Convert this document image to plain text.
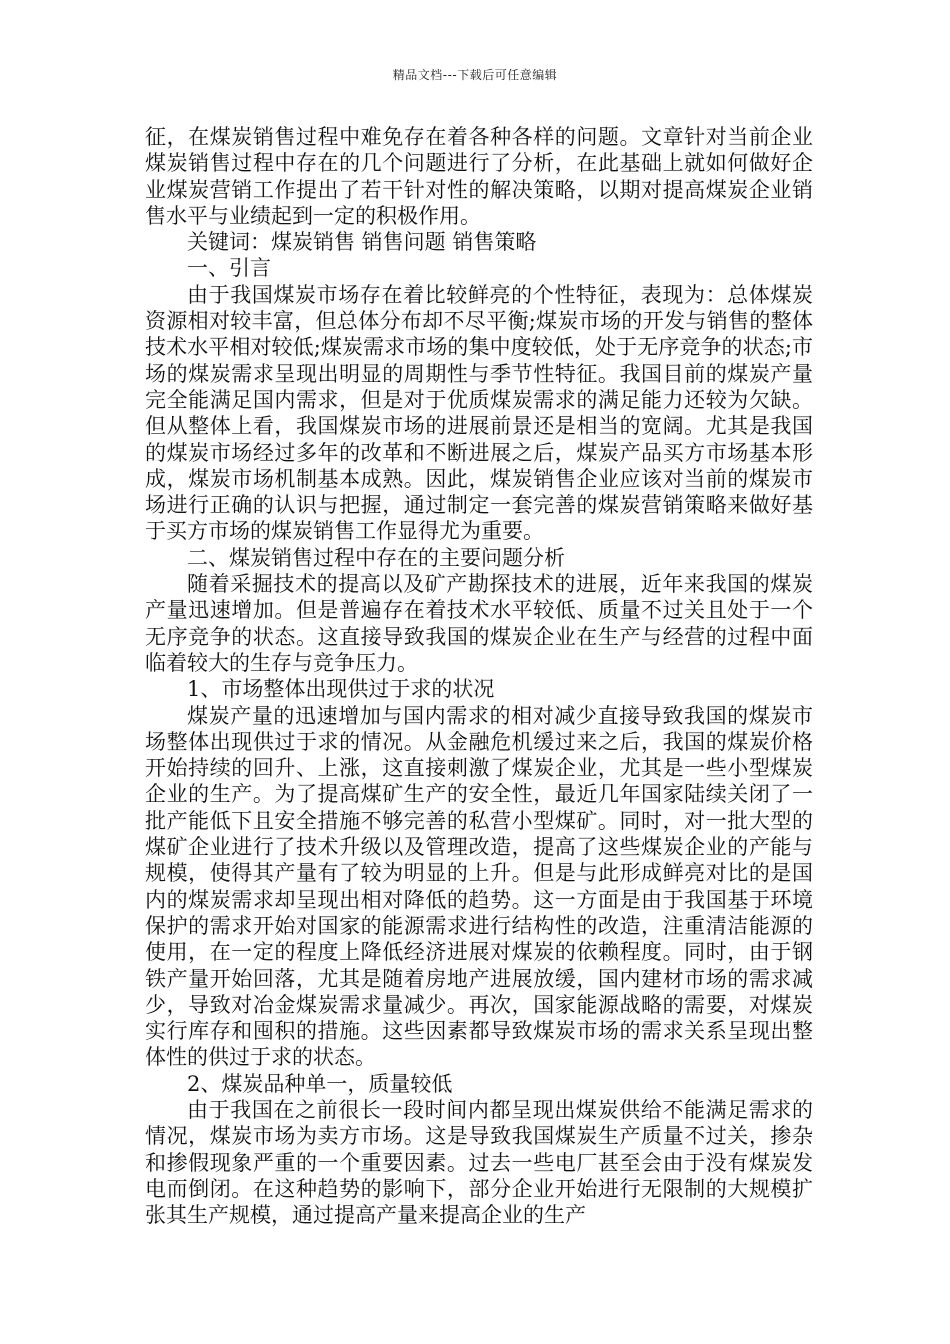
精品文档---下载后可任意编辑

征，在煤炭销售过程中难免存在着各种各样的问题。文章针对当前企业煤炭销售过程中存在的几个问题进行了分析，在此基础上就如何做好企业煤炭营销工作提出了若干针对性的解决策略，以期对提高煤炭企业销售水平与业绩起到一定的积极作用。

关键词：煤炭销售 销售问题 销售策略

一、引言

由于我国煤炭市场存在着比较鲜亮的个性特征，表现为：总体煤炭资源相对较丰富，但总体分布却不尽平衡;煤炭市场的开发与销售的整体技术水平相对较低;煤炭需求市场的集中度较低，处于无序竞争的状态;市场的煤炭需求呈现出明显的周期性与季节性特征。我国目前的煤炭产量完全能满足国内需求，但是对于优质煤炭需求的满足能力还较为欠缺。但从整体上看，我国煤炭市场的进展前景还是相当的宽阔。尤其是我国的煤炭市场经过多年的改革和不断进展之后，煤炭产品买方市场基本形成，煤炭市场机制基本成熟。因此，煤炭销售企业应该对当前的煤炭市场进行正确的认识与把握，通过制定一套完善的煤炭营销策略来做好基于买方市场的煤炭销售工作显得尤为重要。

二、煤炭销售过程中存在的主要问题分析

随着采掘技术的提高以及矿产勘探技术的进展，近年来我国的煤炭产量迅速增加。但是普遍存在着技术水平较低、质量不过关且处于一个无序竞争的状态。这直接导致我国的煤炭企业在生产与经营的过程中面临着较大的生存与竞争压力。

1、市场整体出现供过于求的状况

煤炭产量的迅速增加与国内需求的相对减少直接导致我国的煤炭市场整体出现供过于求的情况。从金融危机缓过来之后，我国的煤炭价格开始持续的回升、上涨，这直接刺激了煤炭企业，尤其是一些小型煤炭企业的生产。为了提高煤矿生产的安全性，最近几年国家陆续关闭了一批产能低下且安全措施不够完善的私营小型煤矿。同时，对一批大型的煤矿企业进行了技术升级以及管理改造，提高了这些煤炭企业的产能与规模，使得其产量有了较为明显的上升。但是与此形成鲜亮对比的是国内的煤炭需求却呈现出相对降低的趋势。这一方面是由于我国基于环境保护的需求开始对国家的能源需求进行结构性的改造，注重清洁能源的使用，在一定的程度上降低经济进展对煤炭的依赖程度。同时，由于钢铁产量开始回落，尤其是随着房地产进展放缓，国内建材市场的需求减少，导致对冶金煤炭需求量减少。再次，国家能源战略的需要，对煤炭实行库存和囤积的措施。这些因素都导致煤炭市场的需求关系呈现出整体性的供过于求的状态。

2、煤炭品种单一，质量较低

由于我国在之前很长一段时间内都呈现出煤炭供给不能满足需求的情况，煤炭市场为卖方市场。这是导致我国煤炭生产质量不过关，掺杂和掺假现象严重的一个重要因素。过去一些电厂甚至会由于没有煤炭发电而倒闭。在这种趋势的影响下，部分企业开始进行无限制的大规模扩张其生产规模，通过提高产量来提高企业的生产
